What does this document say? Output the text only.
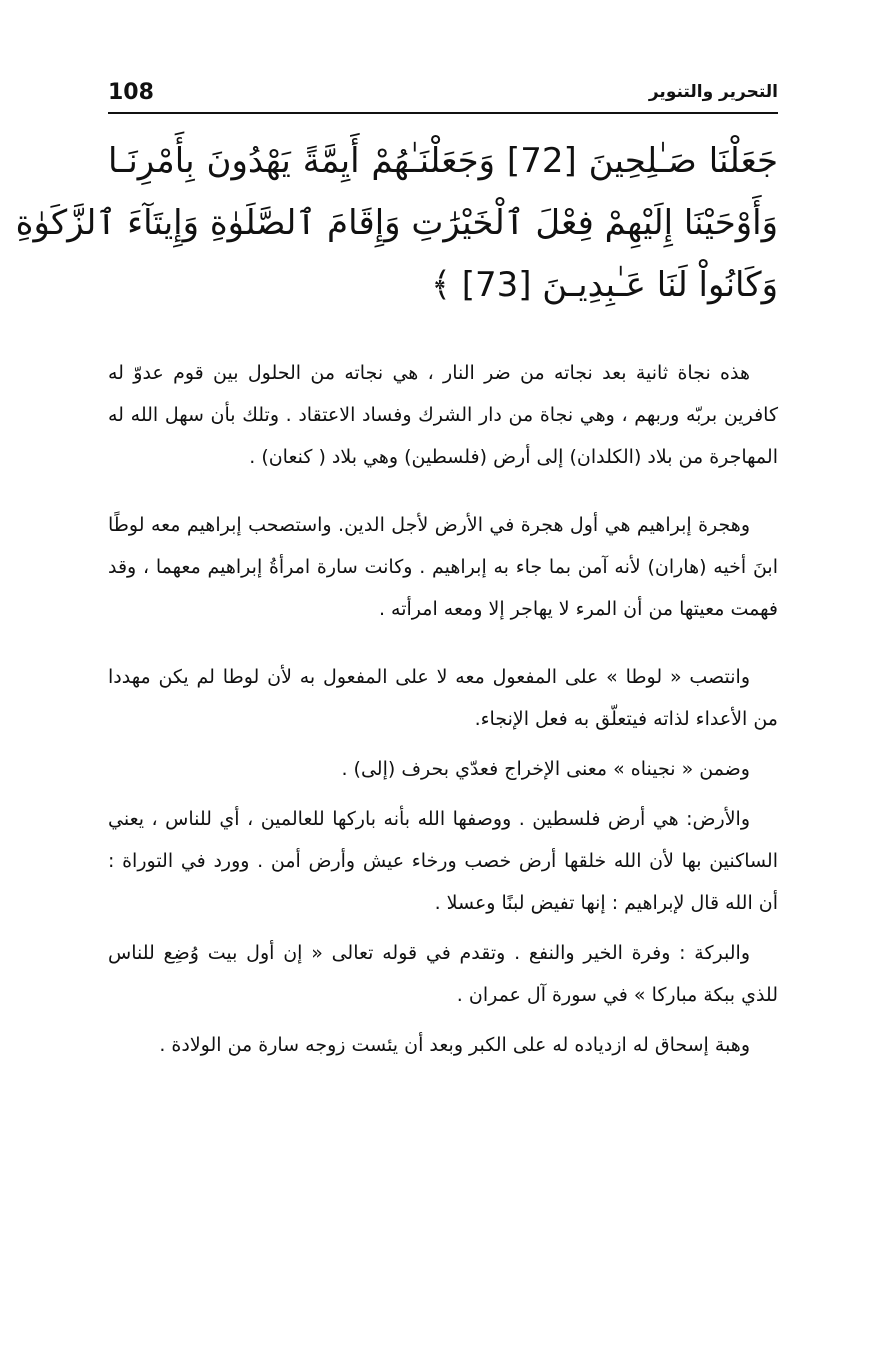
108	التحرير والتنوير
جَعَلْنَا صَـٰلِحِينَ [72] وَجَعَلْنَـٰهُمْ أَيِمَّةً يَهْدُونَ بِأَمْرِنَـا
وَأَوْحَيْنَا إِلَيْهِمْ فِعْلَ ٱلْخَيْرَٰتِ وَإِقَامَ ٱلصَّلَوٰةِ وَإِيتَآءَ ٱلزَّكَوٰةِ
وَكَانُواْ لَنَا عَـٰبِدِيـنَ [73] ﴾

هذه نجاة ثانية بعد نجاته من ضر النار ، هي نجاته من الحلول بين قوم عدوّ له كافرين بربّه وربهم ، وهي نجاة من دار الشرك وفساد الاعتقاد . وتلك بأن سهل الله له المهاجرة من بلاد (الكلدان) إلى أرض (فلسطين) وهي بلاد ( كنعان) .

وهجرة إبراهيم هي أول هجرة في الأرض لأجل الدين. واستصحب إبراهيم معه لوطًا ابنَ أخيه (هاران) لأنه آمن بما جاء به إبراهيم . وكانت سارة امرأةُ إبراهيم معهما ، وقد فهمت معيتها من أن المرء لا يهاجر إلا ومعه امرأته .

وانتصب « لوطا » على المفعول معه لا على المفعول به لأن لوطا لم يكن مهددا من الأعداء لذاته فيتعلّق به فعل الإنجاء.

وضمن « نجيناه » معنى الإخراج فعدّي بحرف (إلى) .

والأرض: هي أرض فلسطين . ووصفها الله بأنه باركها للعالمين ، أي للناس ، يعني الساكنين بها لأن الله خلقها أرض خصب ورخاء عيش وأرض أمن . وورد في التوراة : أن الله قال لإبراهيم : إنها تفيض لبنًا وعسلا .

والبركة : وفرة الخير والنفع . وتقدم في قوله تعالى « إن أول بيت وُضِع للناس للذي ببكة مباركا » في سورة آل عمران .

وهبة إسحاق له ازدياده له على الكبر وبعد أن يئست زوجه سارة من الولادة .
